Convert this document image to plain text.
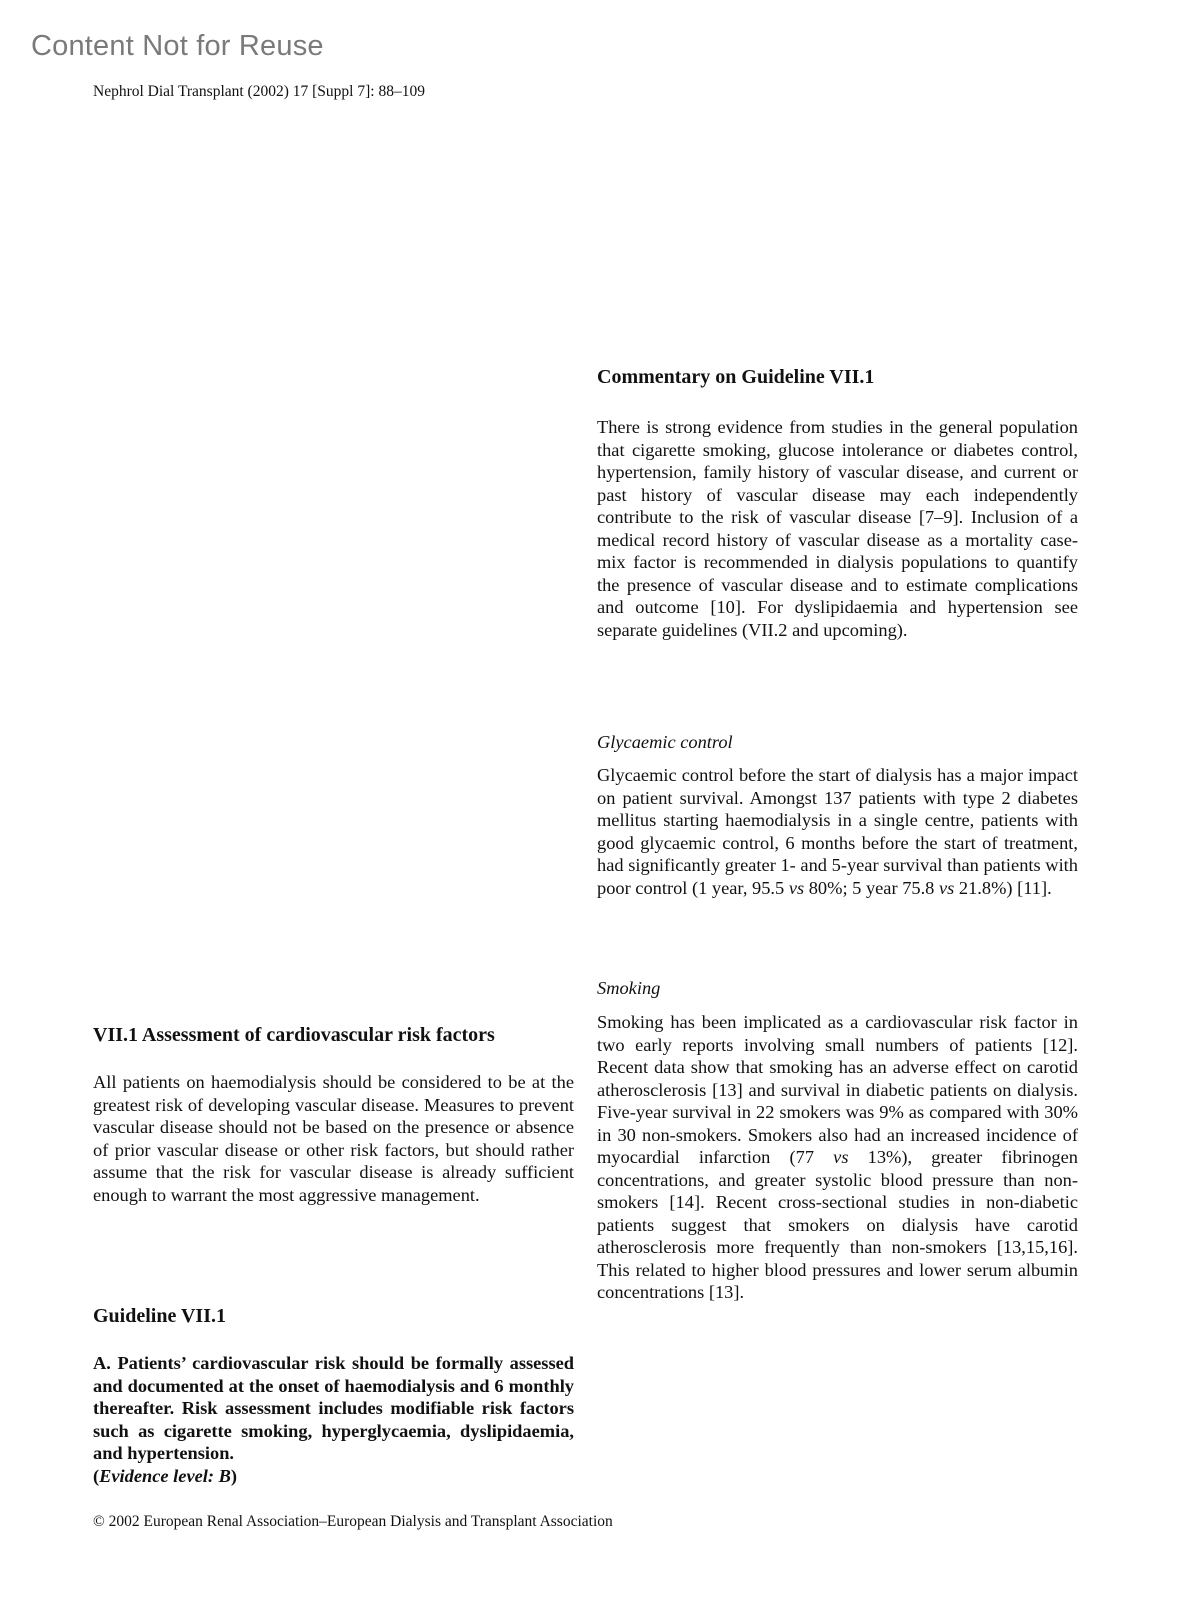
Content Not for Reuse
Nephrol Dial Transplant (2002) 17 [Suppl 7]: 88–109
Commentary on Guideline VII.1

There is strong evidence from studies in the general population that cigarette smoking, glucose intolerance or diabetes control, hypertension, family history of vascular disease, and current or past history of vascular disease may each independently contribute to the risk of vascular disease [7–9]. Inclusion of a medical record history of vascular disease as a mortality case-mix factor is recommended in dialysis populations to quantify the presence of vascular disease and to estimate complications and outcome [10]. For dyslipidaemia and hypertension see separate guidelines (VII.2 and upcoming).

Glycaemic control

Glycaemic control before the start of dialysis has a major impact on patient survival. Amongst 137 patients with type 2 diabetes mellitus starting haemodialysis in a single centre, patients with good glycaemic control, 6 months before the start of treatment, had significantly greater 1- and 5-year survival than patients with poor control (1 year, 95.5 vs 80%; 5 year 75.8 vs 21.8%) [11].

Smoking

Smoking has been implicated as a cardiovascular risk factor in two early reports involving small numbers of patients [12]. Recent data show that smoking has an adverse effect on carotid atherosclerosis [13] and survival in diabetic patients on dialysis. Five-year survival in 22 smokers was 9% as compared with 30% in 30 non-smokers. Smokers also had an increased incidence of myocardial infarction (77 vs 13%), greater fibrinogen concentrations, and greater systolic blood pressure than non-smokers [14]. Recent cross-sectional studies in non-diabetic patients suggest that smokers on dialysis have carotid atherosclerosis more frequently than non-smokers [13,15,16]. This related to higher blood pressures and lower serum albumin concentrations [13].

VII.1 Assessment of cardiovascular risk factors

All patients on haemodialysis should be considered to be at the greatest risk of developing vascular disease. Measures to prevent vascular disease should not be based on the presence or absence of prior vascular disease or other risk factors, but should rather assume that the risk for vascular disease is already sufficient enough to warrant the most aggressive management.

Guideline VII.1

A. Patients’ cardiovascular risk should be formally assessed and documented at the onset of haemodialysis and 6 monthly thereafter. Risk assessment includes modifiable risk factors such as cigarette smoking, hyperglycaemia, dyslipidaemia, and hypertension.
(Evidence level: B)

© 2002 European Renal Association–European Dialysis and Transplant Association
